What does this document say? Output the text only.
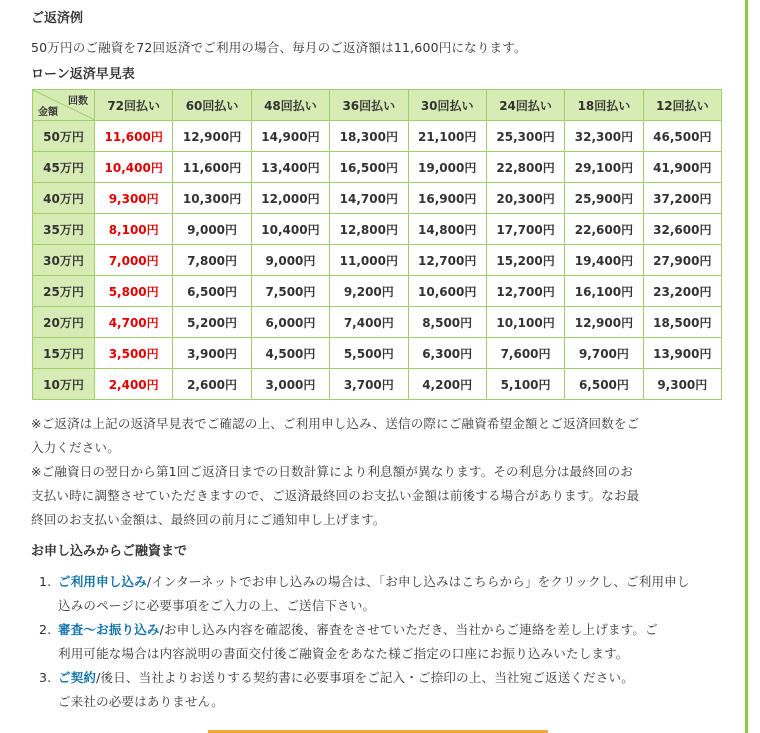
ご返済例

50万円のご融資を72回返済でご利用の場合、毎月のご返済額は11,600円になります。

ローン返済早見表
回数
金額	72回払い	60回払い	48回払い	36回払い	30回払い	24回払い	18回払い	12回払い
50万円	11,600円	12,900円	14,900円	18,300円	21,100円	25,300円	32,300円	46,500円
45万円	10,400円	11,600円	13,400円	16,500円	19,000円	22,800円	29,100円	41,900円
40万円	9,300円	10,300円	12,000円	14,700円	16,900円	20,300円	25,900円	37,200円
35万円	8,100円	9,000円	10,400円	12,800円	14,800円	17,700円	22,600円	32,600円
30万円	7,000円	7,800円	9,000円	11,000円	12,700円	15,200円	19,400円	27,900円
25万円	5,800円	6,500円	7,500円	9,200円	10,600円	12,700円	16,100円	23,200円
20万円	4,700円	5,200円	6,000円	7,400円	8,500円	10,100円	12,900円	18,500円
15万円	3,500円	3,900円	4,500円	5,500円	6,300円	7,600円	9,700円	13,900円
10万円	2,400円	2,600円	3,000円	3,700円	4,200円	5,100円	6,500円	9,300円

※ご返済は上記の返済早見表でご確認の上、ご利用申し込み、送信の際にご融資希望金額とご返済回数をご

入力ください。

※ご融資日の翌日から第1回ご返済日までの日数計算により利息額が異なります。その利息分は最終回のお

支払い時に調整させていただきますので、ご返済最終回のお支払い金額は前後する場合があります。なお最

終回のお支払い金額は、最終回の前月にご通知申し上げます。

お申し込みからご融資まで
1. ご利用申し込み/インターネットでお申し込みの場合は、「お申し込みはこちらから」をクリックし、ご利用申し
込みのページに必要事項をご入力の上、ご送信下さい。
2. 審査～お振り込み/お申し込み内容を確認後、審査をさせていただき、当社からご連絡を差し上げます。ご
利用可能な場合は内容説明の書面交付後ご融資金をあなた様ご指定の口座にお振り込みいたします。
3. ご契約/後日、当社よりお送りする契約書に必要事項をご記入・ご捺印の上、当社宛ご返送ください。
ご来社の必要はありません。
